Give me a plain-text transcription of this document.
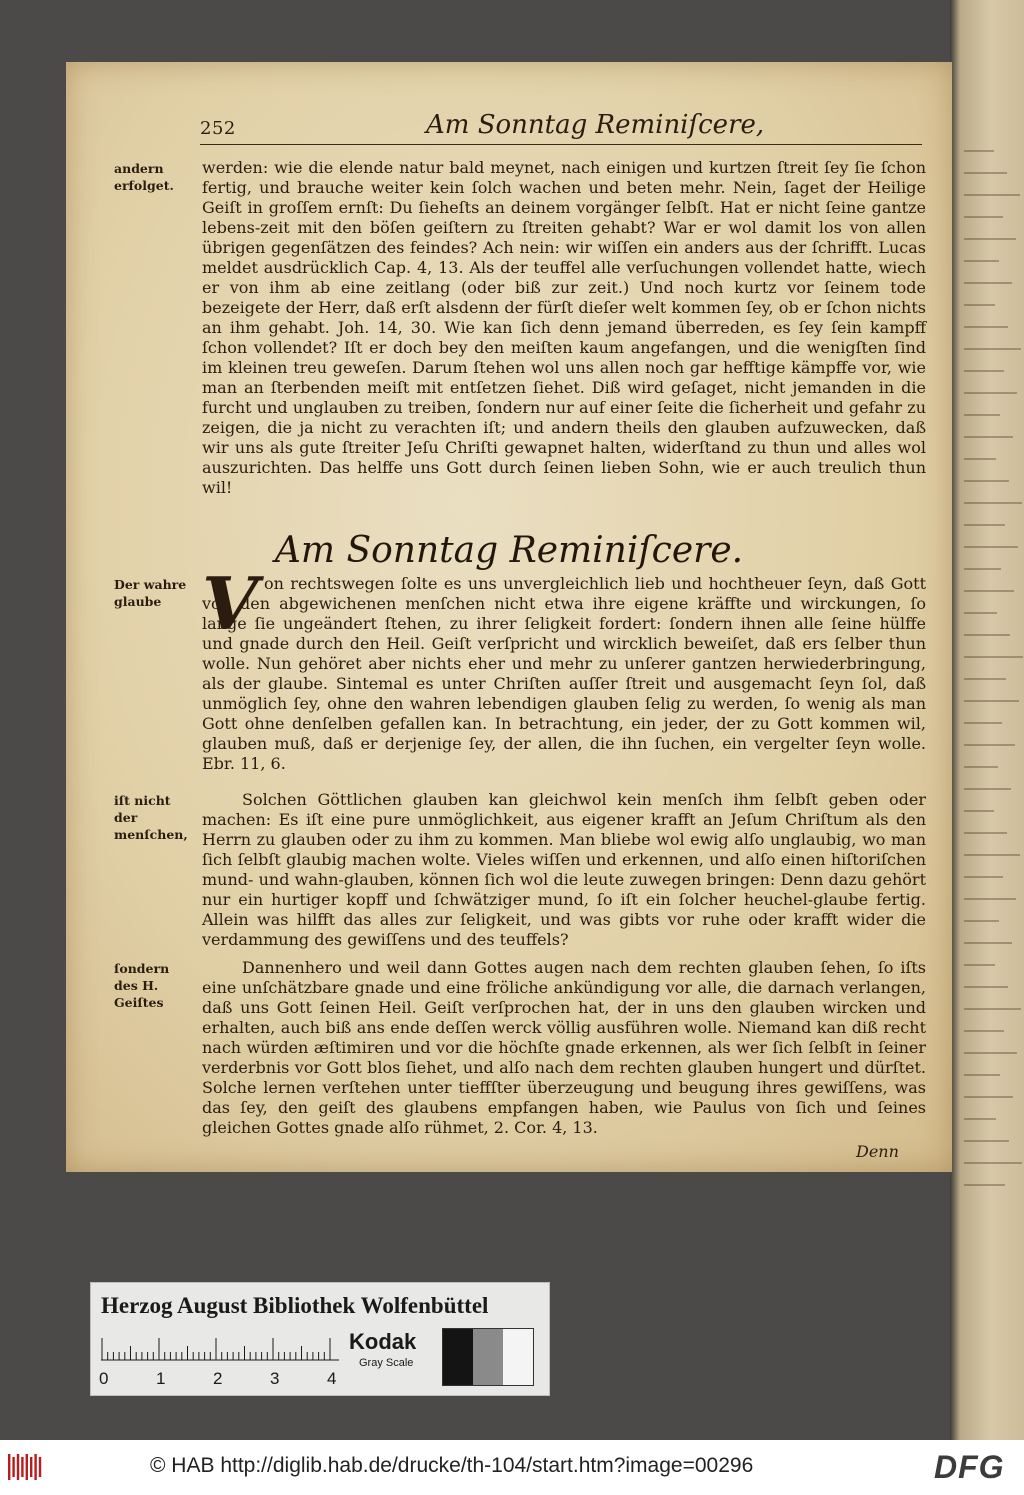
252	Am Sonntag Reminiſcere,
andern erfolget.
werden: wie die elende natur bald meynet, nach einigen und kurtzen ſtreit ſey ſie ſchon fertig, und brauche weiter kein ſolch wachen und beten mehr. Nein, ſaget der Heilige Geiſt in groſſem ernſt: Du ſieheſts an deinem vorgänger ſelbſt. Hat er nicht ſeine gantze lebens-zeit mit den böſen geiſtern zu ſtreiten gehabt? War er wol damit los von allen übrigen gegenſätzen des feindes? Ach nein: wir wiſſen ein anders aus der ſchrifft. Lucas meldet ausdrücklich Cap. 4, 13. Als der teuffel alle verſuchungen vollendet hatte, wiech er von ihm ab eine zeitlang (oder biß zur zeit.) Und noch kurtz vor ſeinem tode bezeigete der Herr, daß erſt alsdenn der fürſt dieſer welt kommen ſey, ob er ſchon nichts an ihm gehabt. Joh. 14, 30. Wie kan ſich denn jemand überreden, es ſey ſein kampff ſchon vollendet? Iſt er doch bey den meiſten kaum angefangen, und die wenigſten ſind im kleinen treu geweſen. Darum ſtehen wol uns allen noch gar hefftige kämpffe vor, wie man an ſterbenden meiſt mit entſetzen ſiehet. Diß wird geſaget, nicht jemanden in die furcht und unglauben zu treiben, ſondern nur auf einer ſeite die ſicherheit und gefahr zu zeigen, die ja nicht zu verachten iſt; und andern theils den glauben aufzuwecken, daß wir uns als gute ſtreiter Jeſu Chriſti gewapnet halten, widerſtand zu thun und alles wol auszurichten. Das helffe uns Gott durch ſeinen lieben Sohn, wie er auch treulich thun wil!
Am Sonntag Reminiſcere.
V
Der wahre glaube
on rechtswegen ſolte es uns unvergleichlich lieb und hochtheuer ſeyn, daß Gott von den abgewichenen menſchen nicht etwa ihre eigene kräffte und wirckungen, ſo lange ſie ungeändert ſtehen, zu ihrer ſeligkeit fordert: ſondern ihnen alle ſeine hülffe und gnade durch den Heil. Geiſt verſpricht und wircklich beweiſet, daß ers ſelber thun wolle. Nun gehöret aber nichts eher und mehr zu unſerer gantzen herwiederbringung, als der glaube. Sintemal es unter Chriſten auſſer ſtreit und ausgemacht ſeyn ſol, daß unmöglich ſey, ohne den wahren lebendigen glauben ſelig zu werden, ſo wenig als man Gott ohne denſelben gefallen kan. In betrachtung, ein jeder, der zu Gott kommen wil, glauben muß, daß er derjenige ſey, der allen, die ihn ſuchen, ein vergelter ſeyn wolle. Ebr. 11, 6.
iſt nicht der menſchen,
Solchen Göttlichen glauben kan gleichwol kein menſch ihm ſelbſt geben oder machen: Es iſt eine pure unmöglichkeit, aus eigener krafft an Jeſum Chriſtum als den Herrn zu glauben oder zu ihm zu kommen. Man bliebe wol ewig alſo unglaubig, wo man ſich ſelbſt glaubig machen wolte. Vieles wiſſen und erkennen, und alſo einen hiſtoriſchen mund- und wahn-glauben, können ſich wol die leute zuwegen bringen: Denn dazu gehört nur ein hurtiger kopff und ſchwätziger mund, ſo iſt ein ſolcher heuchel-glaube fertig. Allein was hilfft das alles zur ſeligkeit, und was gibts vor ruhe oder krafft wider die verdammung des gewiſſens und des teuffels?
ſondern des H. Geiſtes
Dannenhero und weil dann Gottes augen nach dem rechten glauben ſehen, ſo iſts eine unſchätzbare gnade und eine fröliche ankündigung vor alle, die darnach verlangen, daß uns Gott ſeinen Heil. Geiſt verſprochen hat, der in uns den glauben wircken und erhalten, auch biß ans ende deſſen werck völlig ausführen wolle. Niemand kan diß recht nach würden æſtimiren und vor die höchſte gnade erkennen, als wer ſich ſelbſt in ſeiner verderbnis vor Gott blos ſiehet, und alſo nach dem rechten glauben hungert und dürſtet. Solche lernen verſtehen unter tieffſter überzeugung und beugung ihres gewiſſens, was das ſey, den geiſt des glaubens empfangen haben, wie Paulus von ſich und ſeines gleichen Gottes gnade alſo rühmet, 2. Cor. 4, 13.
Denn
Herzog August Bibliothek Wolfenbüttel
0	1	2	3	4
Kodak
Gray Scale
© HAB http://diglib.hab.de/drucke/th-104/start.htm?image=00296	DFG
